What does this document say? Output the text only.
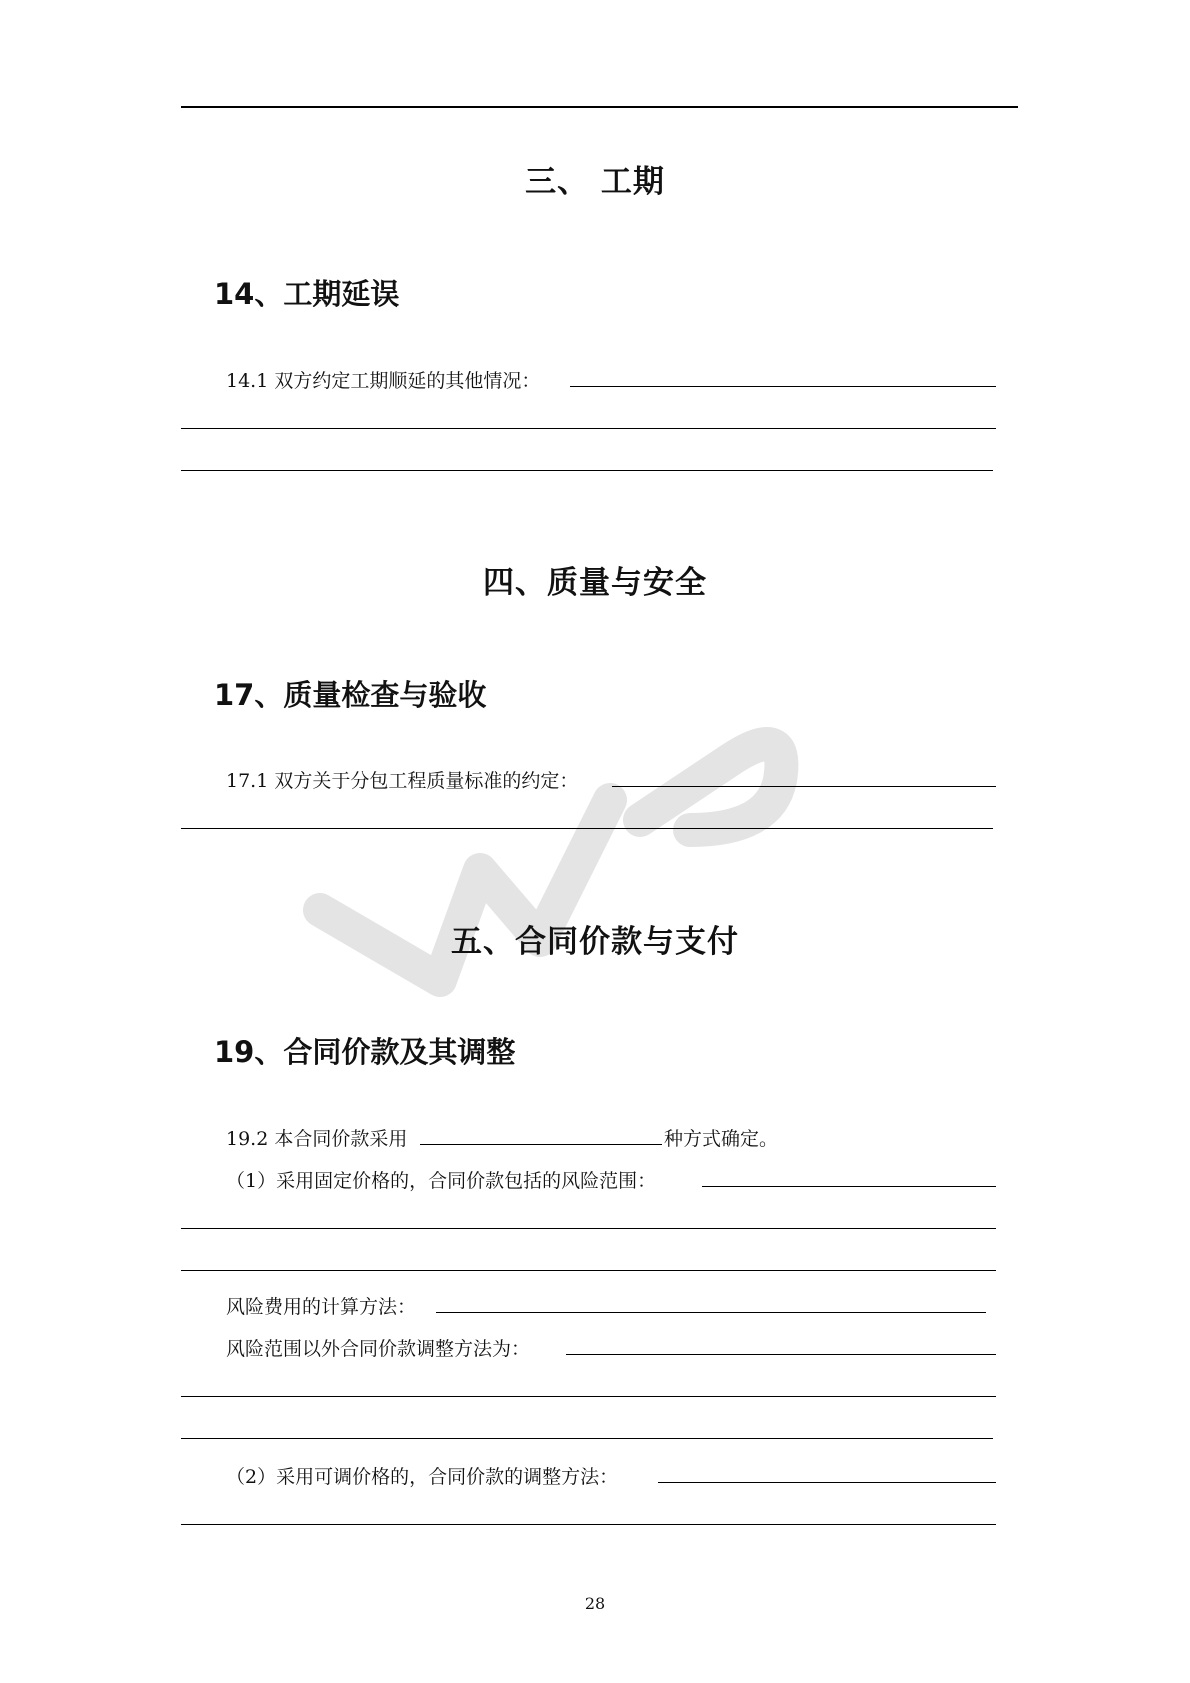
WPS
三、 工期
14、工期延误
14.1 双方约定工期顺延的其他情况：
四、质量与安全
17、质量检查与验收
17.1 双方关于分包工程质量标准的约定：
五、合同价款与支付
19、合同价款及其调整
19.2 本合同价款采用	种方式确定。
（1）采用固定价格的，合同价款包括的风险范围：
风险费用的计算方法：
风险范围以外合同价款调整方法为：
（2）采用可调价格的，合同价款的调整方法：
28
